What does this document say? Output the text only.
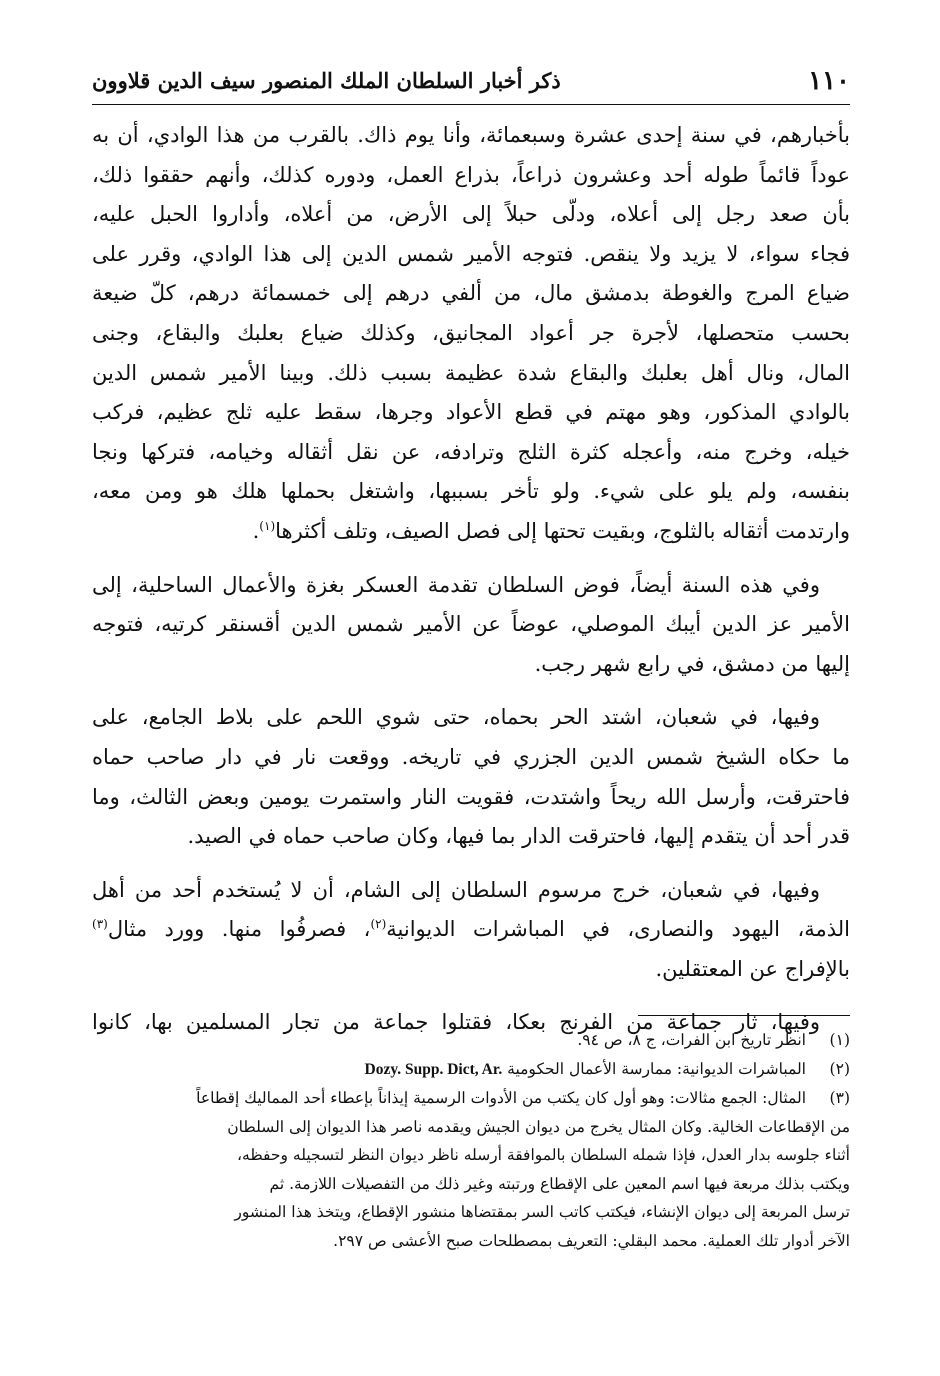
١١٠
ذكر أخبار السلطان الملك المنصور سيف الدين قلاوون
بأخبارهم، في سنة إحدى عشرة وسبعمائة، وأنا يوم ذاك. بالقرب من هذا الوادي، أن به
عوداً قائماً طوله أحد وعشرون ذراعاً، بذراع العمل، ودوره كذلك، وأنهم حققوا ذلك،
بأن صعد رجل إلى أعلاه، ودلّى حبلاً إلى الأرض، من أعلاه، وأداروا الحبل عليه،
فجاء سواء، لا يزيد ولا ينقص. فتوجه الأمير شمس الدين إلى هذا الوادي، وقرر على
ضياع المرج والغوطة بدمشق مال، من ألفي درهم إلى خمسمائة درهم، كلّ ضيعة
بحسب متحصلها، لأجرة جر أعواد المجانيق، وكذلك ضياع بعلبك والبقاع، وجنى
المال، ونال أهل بعلبك والبقاع شدة عظيمة بسبب ذلك. وبينا الأمير شمس الدين
بالوادي المذكور، وهو مهتم في قطع الأعواد وجرها، سقط عليه ثلج عظيم، فركب
خيله، وخرج منه، وأعجله كثرة الثلج وترادفه، عن نقل أثقاله وخيامه، فتركها ونجا
بنفسه، ولم يلو على شيء. ولو تأخر بسببها، واشتغل بحملها هلك هو ومن معه،
وارتدمت أثقاله بالثلوج، وبقيت تحتها إلى فصل الصيف، وتلف أكثرها$^{(١)}$.
وفي هذه السنة أيضاً، فوض السلطان تقدمة العسكر بغزة والأعمال الساحلية، إلى
الأمير عز الدين أيبك الموصلي، عوضاً عن الأمير شمس الدين أقسنقر كرتيه، فتوجه
إليها من دمشق، في رابع شهر رجب.
وفيها، في شعبان، اشتد الحر بحماه، حتى شوي اللحم على بلاط الجامع، على
ما حكاه الشيخ شمس الدين الجزري في تاريخه. ووقعت نار في دار صاحب حماه
فاحترقت، وأرسل الله ريحاً واشتدت، فقويت النار واستمرت يومين وبعض الثالث، وما
قدر أحد أن يتقدم إليها، فاحترقت الدار بما فيها، وكان صاحب حماه في الصيد.
وفيها، في شعبان، خرج مرسوم السلطان إلى الشام، أن لا يُستخدم أحد من أهل
الذمة، اليهود والنصارى، في المباشرات الديوانية$^{(٢)}$، فصرفُوا منها. وورد مثال$^{(٣)}$
بالإفراج عن المعتقلين.
وفيها، ثار جماعة من الفرنج بعكا، فقتلوا جماعة من تجار المسلمين بها، كانوا
(١)
انظر تاريخ ابن الفرات، ج ٨، ص ٩٤.
(٢)
المباشرات الديوانية: ممارسة الأعمال الحكومية Dozy. Supp. Dict, Ar.
(٣)
المثال: الجمع مثالات: وهو أول كان يكتب من الأدوات الرسمية إيذاناً بإعطاء أحد المماليك إقطاعاً
من الإقطاعات الخالية. وكان المثال يخرج من ديوان الجيش ويقدمه ناصر هذا الديوان إلى السلطان
أثناء جلوسه بدار العدل، فإذا شمله السلطان بالموافقة أرسله ناظر ديوان النظر لتسجيله وحفظه،
ويكتب بذلك مربعة فيها اسم المعين على الإقطاع ورتبته وغير ذلك من التفصيلات اللازمة. ثم
ترسل المربعة إلى ديوان الإنشاء، فيكتب كاتب السر بمقتضاها منشور الإقطاع، ويتخذ هذا المنشور
الآخر أدوار تلك العملية. محمد البقلي: التعريف بمصطلحات صبح الأعشى ص ٢٩٧.
